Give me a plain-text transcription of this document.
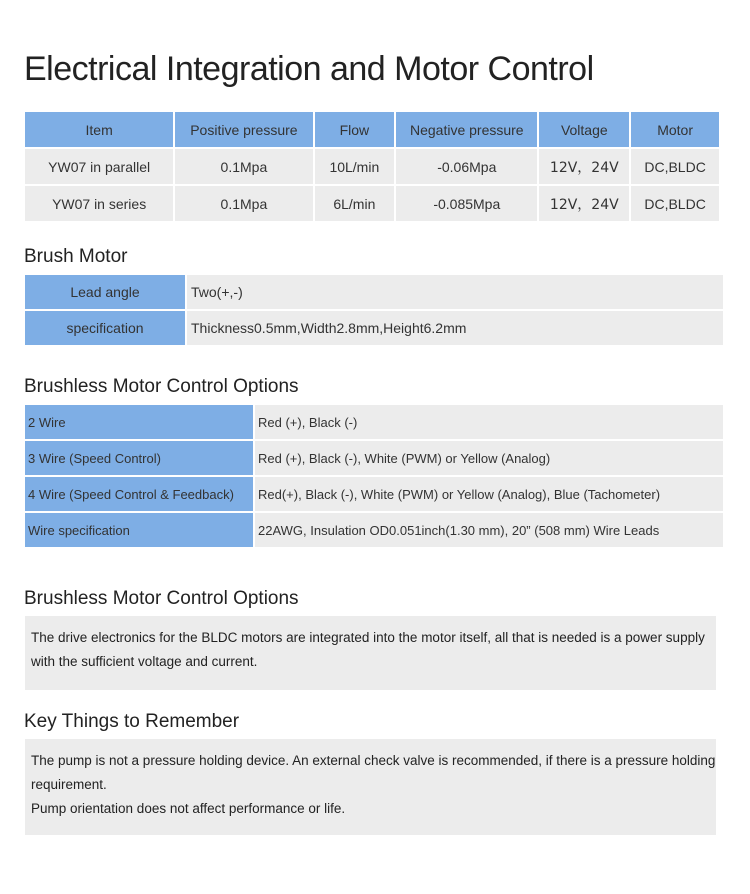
Electrical Integration and Motor Control
Item	Positive pressure	Flow	Negative pressure	Voltage	Motor
YW07 in parallel	0.1Mpa	10L/min	-0.06Mpa	12V，24V	DC,BLDC
YW07 in series	0.1Mpa	6L/min	-0.085Mpa	12V，24V	DC,BLDC
Brush Motor
Lead angle	Two(+,-)
specification	Thickness0.5mm,Width2.8mm,Height6.2mm
Brushless Motor Control Options
2 Wire	Red (+), Black (-)
3 Wire (Speed Control)	Red (+), Black (-), White (PWM) or Yellow (Analog)
4 Wire (Speed Control & Feedback)	Red(+), Black (-), White (PWM) or Yellow (Analog), Blue (Tachometer)
Wire specification	22AWG, Insulation OD0.051inch(1.30 mm), 20” (508 mm) Wire Leads
Brushless Motor Control Options
The drive electronics for the BLDC motors are integrated into the motor itself, all that is needed is a power supply with the sufficient voltage and current.
Key Things to Remember
The pump is not a pressure holding device. An external check valve is recommended, if there is a pressure holding requirement.
Pump orientation does not affect performance or life.
